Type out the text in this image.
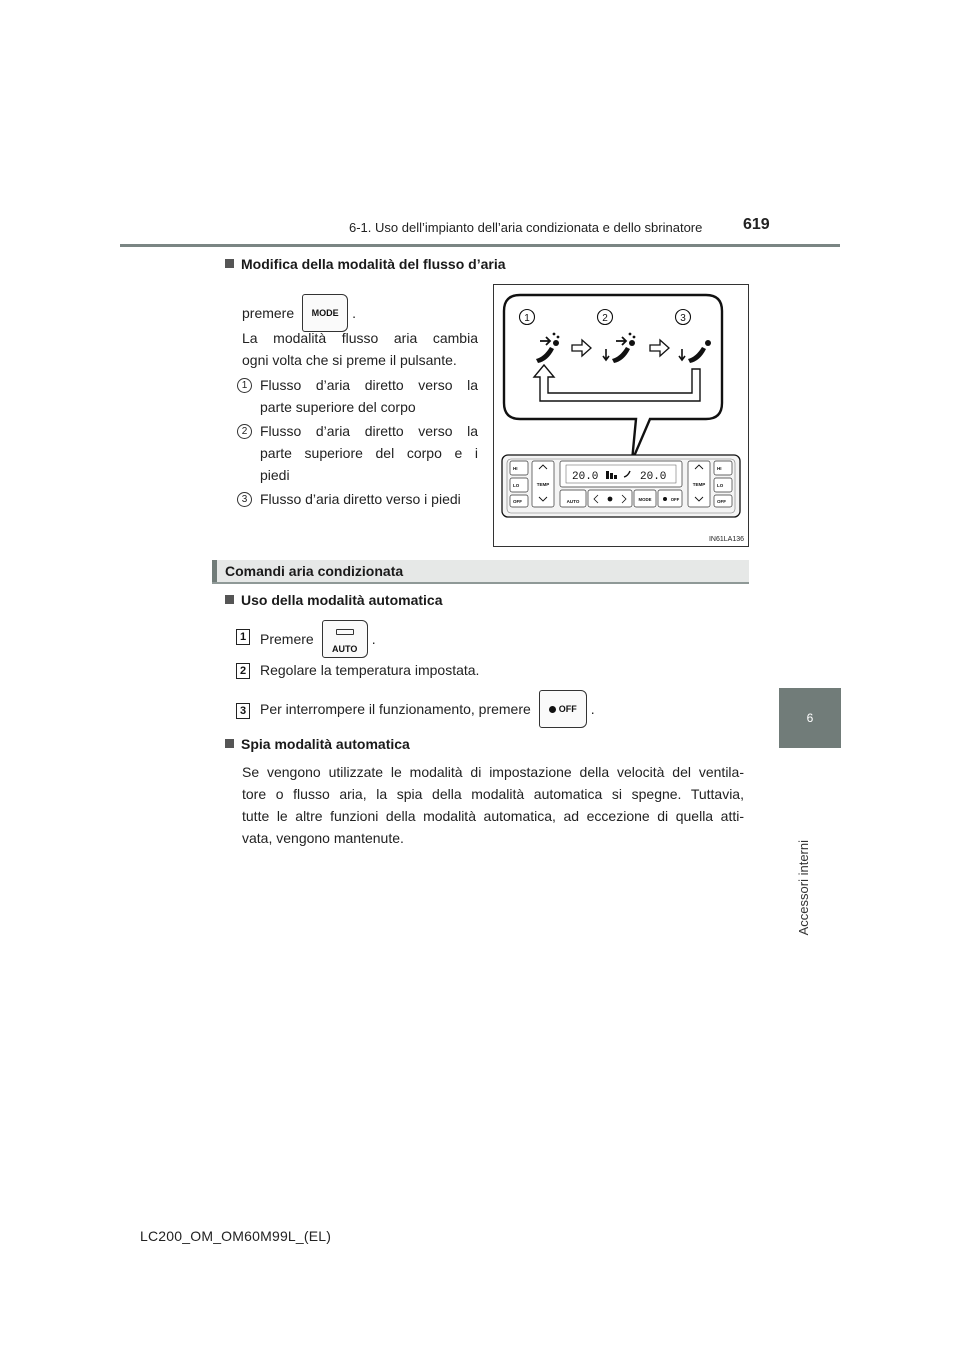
6-1. Uso dell’impianto dell’aria condizionata e dello sbrinatore	619
6
Accessori interni
Modifica della modalità del flusso d’aria
premere	MODE .
La modalità flusso aria cambia
ogni volta che si preme il pulsante.
1 Flusso d’aria diretto verso la
parte superiore del corpo
2 Flusso d’aria diretto verso la
parte superiore del corpo e i
piedi
3 Flusso d’aria diretto verso i piedi
1	2	3
HI
LO
OFF
TEMP
20.0	20.0
AUTO	MODE	OFF
TEMP
HI
LO
OFF
IN61LA136
Comandi aria condizionata
Uso della modalità automatica
1 Premere
AUTO
.
2 Regolare la temperatura impostata.
3 Per interrompere il funzionamento, premere	OFF	.
Spia modalità automatica
Se vengono utilizzate le modalità di impostazione della velocità del ventila-
tore o flusso aria, la spia della modalità automatica si spegne. Tuttavia,
tutte le altre funzioni della modalità automatica, ad eccezione di quella atti-
vata, vengono mantenute.
LC200_OM_OM60M99L_(EL)
